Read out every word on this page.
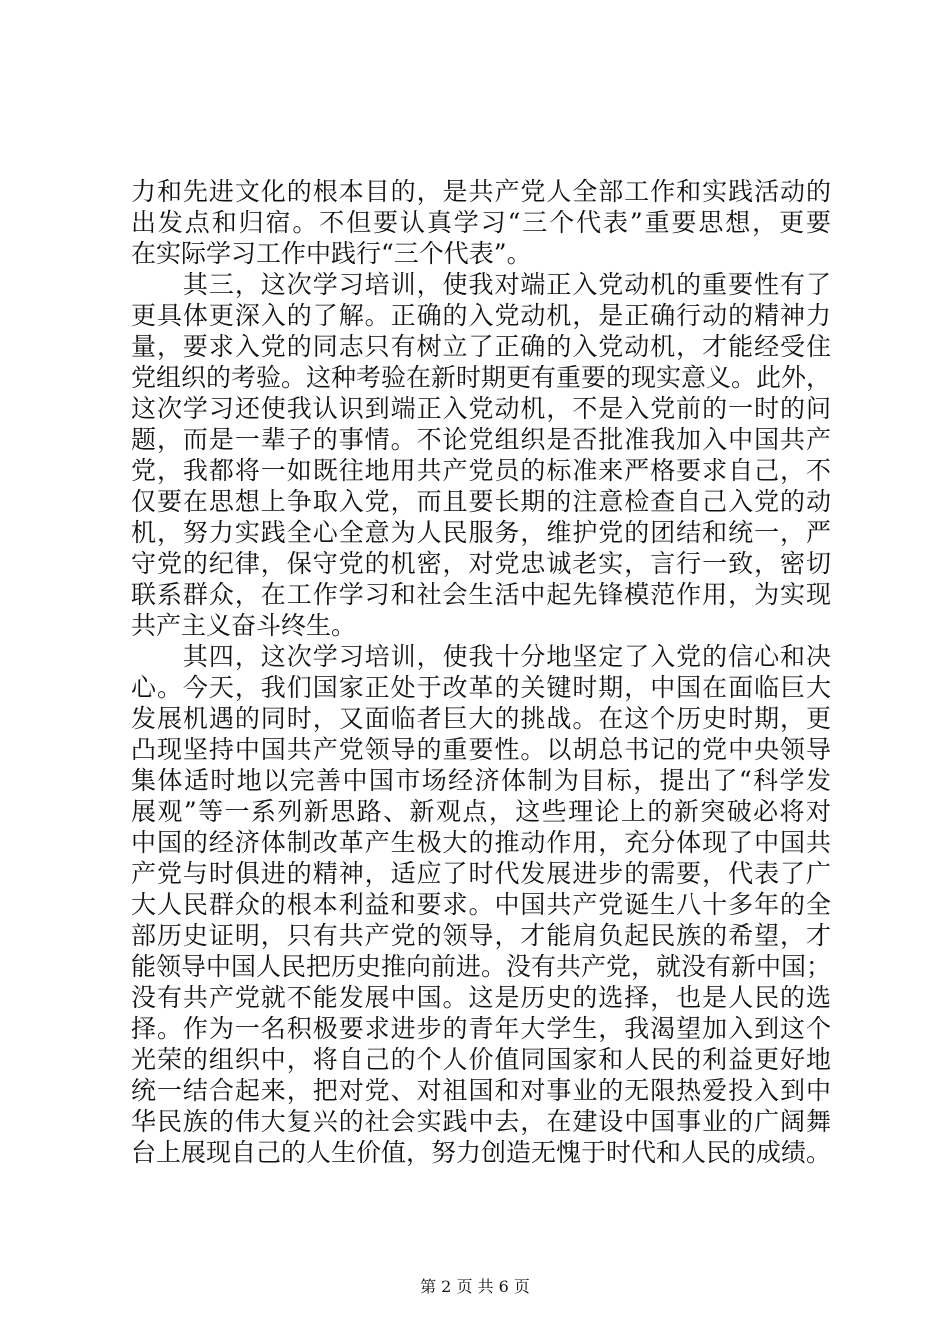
力和先进文化的根本目的，是共产党人全部工作和实践活动的
出发点和归宿。不但要认真学习“三个代表”重要思想，更要
在实际学习工作中践行“三个代表”。
　　其三，这次学习培训，使我对端正入党动机的重要性有了
更具体更深入的了解。正确的入党动机，是正确行动的精神力
量，要求入党的同志只有树立了正确的入党动机，才能经受住
党组织的考验。这种考验在新时期更有重要的现实意义。此外，
这次学习还使我认识到端正入党动机，不是入党前的一时的问
题，而是一辈子的事情。不论党组织是否批准我加入中国共产
党，我都将一如既往地用共产党员的标准来严格要求自己，不
仅要在思想上争取入党，而且要长期的注意检查自己入党的动
机，努力实践全心全意为人民服务，维护党的团结和统一，严
守党的纪律，保守党的机密，对党忠诚老实，言行一致，密切
联系群众，在工作学习和社会生活中起先锋模范作用，为实现
共产主义奋斗终生。
　　其四，这次学习培训，使我十分地坚定了入党的信心和决
心。今天，我们国家正处于改革的关键时期，中国在面临巨大
发展机遇的同时，又面临者巨大的挑战。在这个历史时期，更
凸现坚持中国共产党领导的重要性。以胡总书记的党中央领导
集体适时地以完善中国市场经济体制为目标，提出了“科学发
展观”等一系列新思路、新观点，这些理论上的新突破必将对
中国的经济体制改革产生极大的推动作用，充分体现了中国共
产党与时俱进的精神，适应了时代发展进步的需要，代表了广
大人民群众的根本利益和要求。中国共产党诞生八十多年的全
部历史证明，只有共产党的领导，才能肩负起民族的希望，才
能领导中国人民把历史推向前进。没有共产党，就没有新中国；
没有共产党就不能发展中国。这是历史的选择，也是人民的选
择。作为一名积极要求进步的青年大学生，我渴望加入到这个
光荣的组织中，将自己的个人价值同国家和人民的利益更好地
统一结合起来，把对党、对祖国和对事业的无限热爱投入到中
华民族的伟大复兴的社会实践中去，在建设中国事业的广阔舞
台上展现自己的人生价值，努力创造无愧于时代和人民的成绩。
第 2 页 共 6 页
